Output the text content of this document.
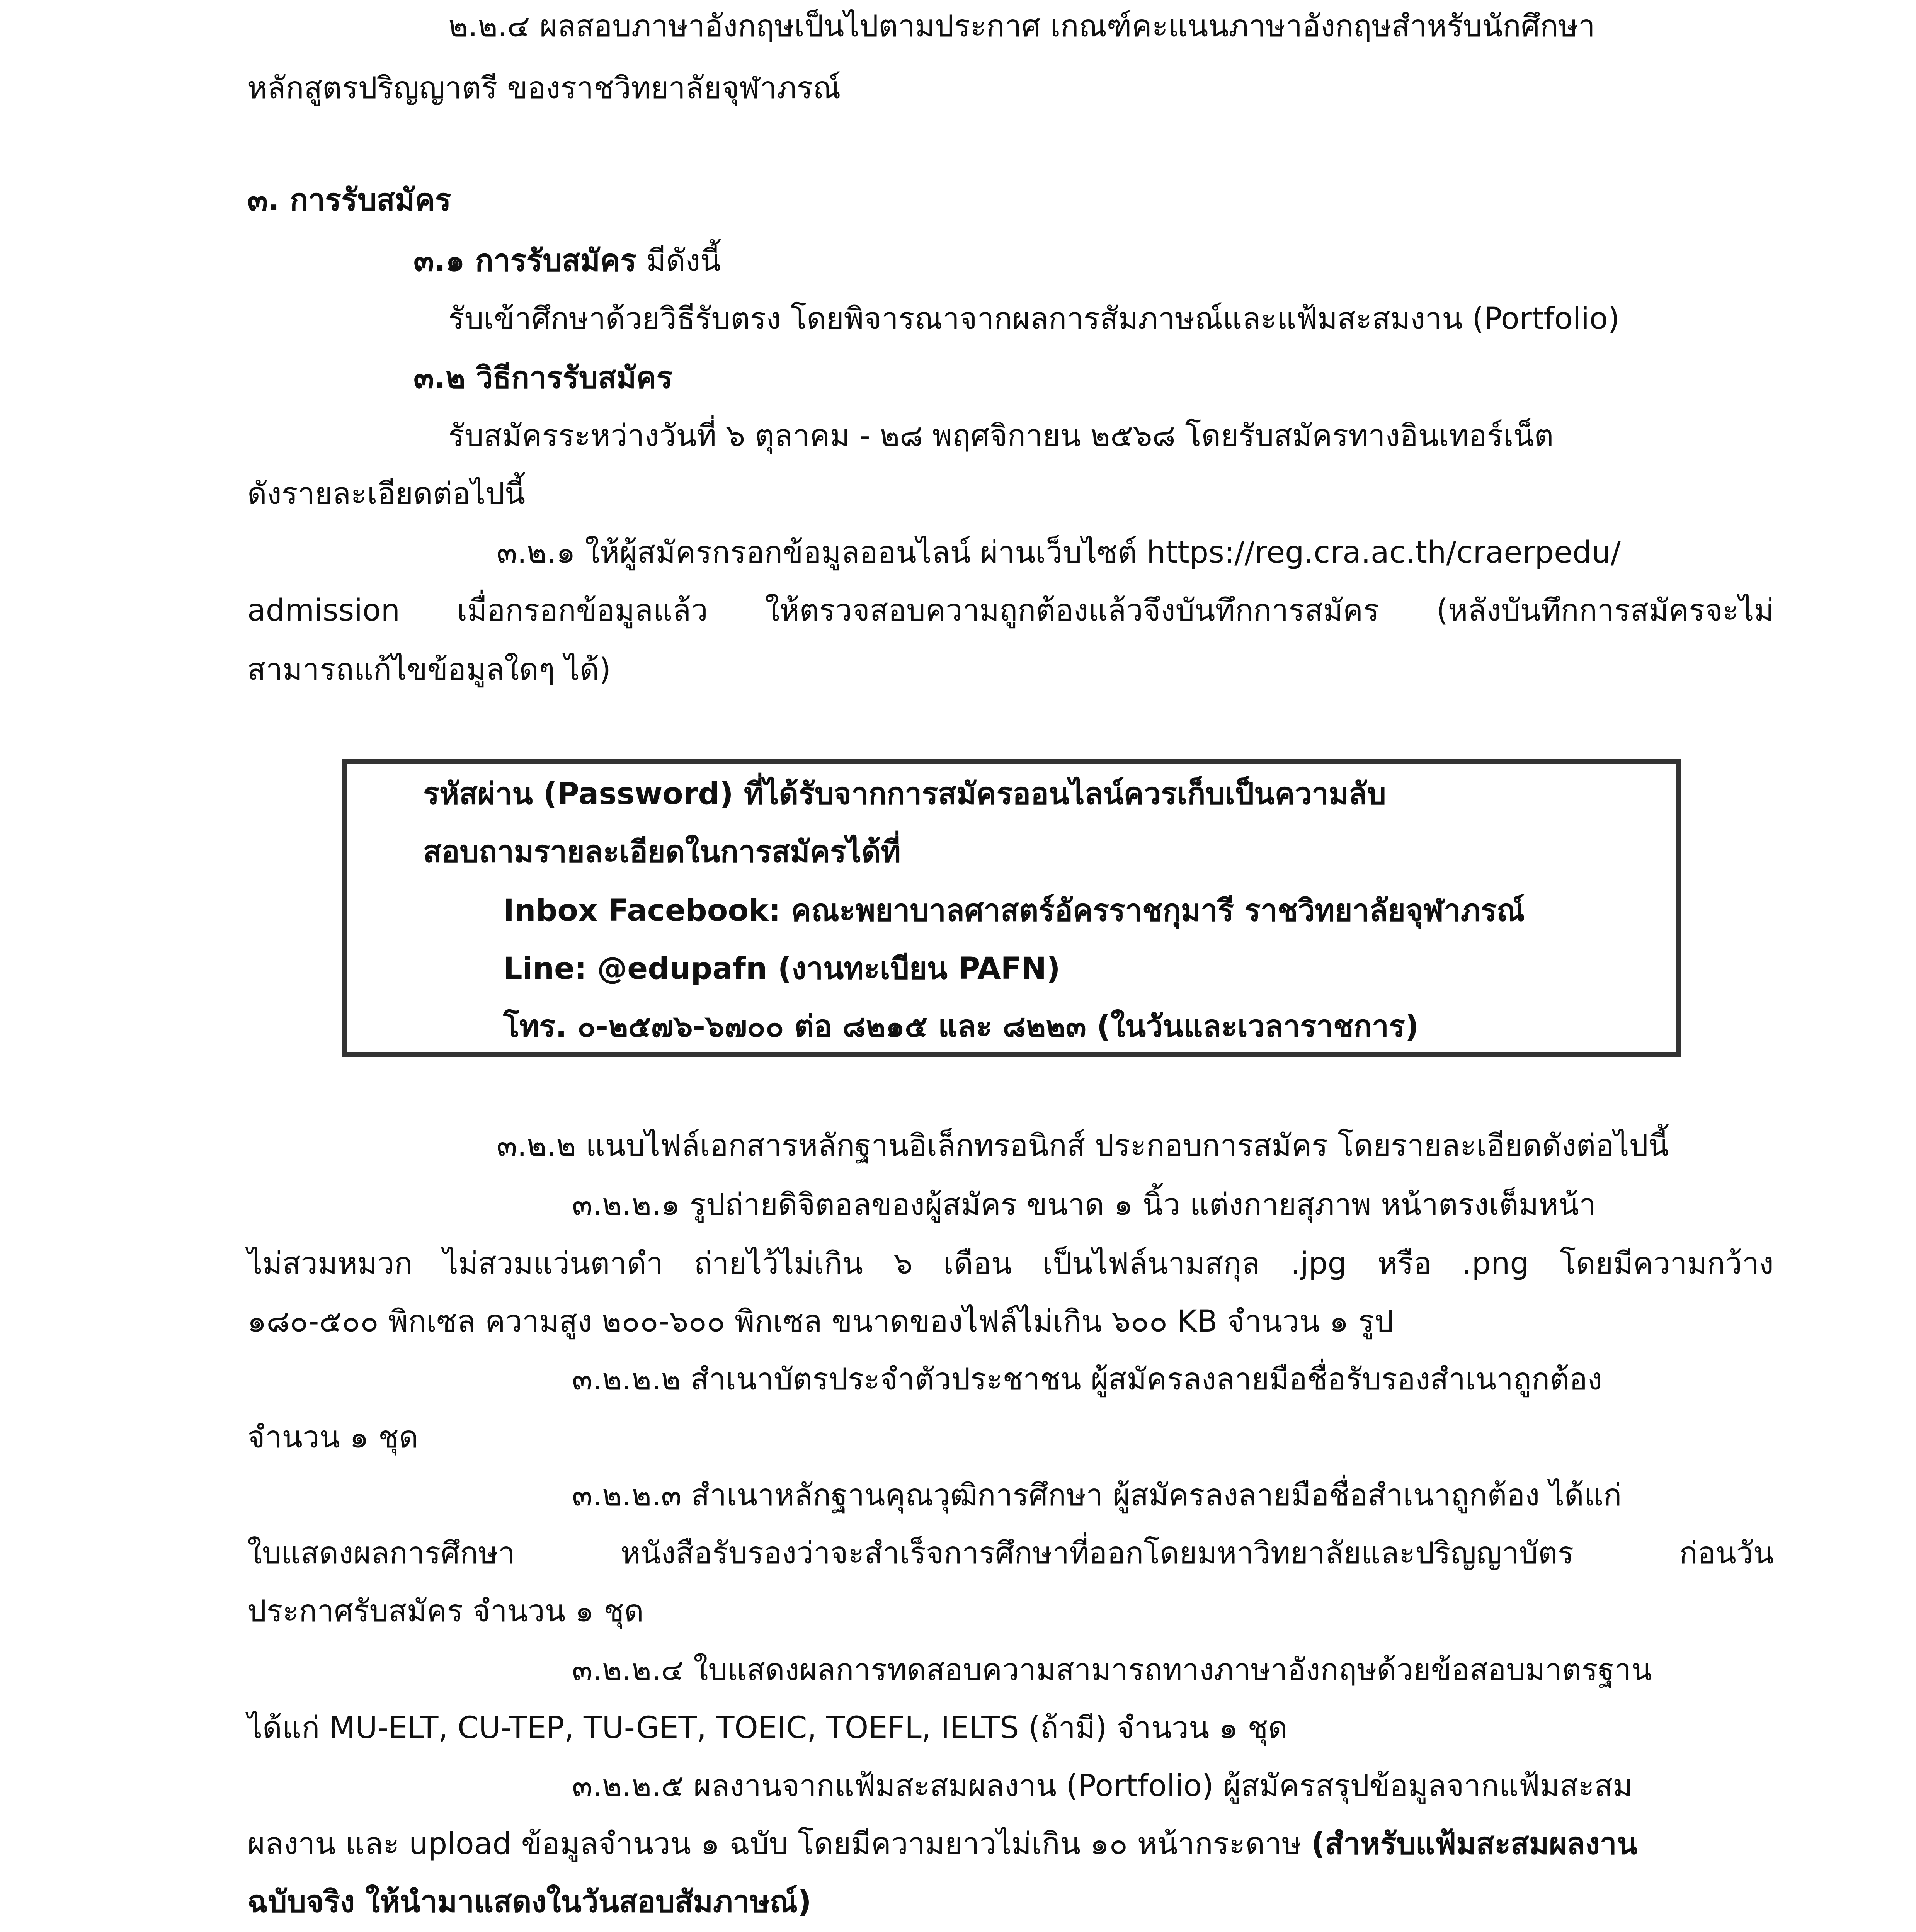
๒.๒.๔ ผลสอบภาษาอังกฤษเป็นไปตามประกาศ เกณฑ์คะแนนภาษาอังกฤษสำหรับนักศึกษา
หลักสูตรปริญญาตรี ของราชวิทยาลัยจุฬาภรณ์
๓. การรับสมัคร
๓.๑ การรับสมัคร มีดังนี้
รับเข้าศึกษาด้วยวิธีรับตรง โดยพิจารณาจากผลการสัมภาษณ์และแฟ้มสะสมงาน (Portfolio)
๓.๒ วิธีการรับสมัคร
รับสมัครระหว่างวันที่ ๖ ตุลาคม - ๒๘ พฤศจิกายน ๒๕๖๘ โดยรับสมัครทางอินเทอร์เน็ต
ดังรายละเอียดต่อไปนี้
๓.๒.๑ ให้ผู้สมัครกรอกข้อมูลออนไลน์ ผ่านเว็บไซต์ https://reg.cra.ac.th/craerpedu/
admission เมื่อกรอกข้อมูลแล้ว ให้ตรวจสอบความถูกต้องแล้วจึงบันทึกการสมัคร (หลังบันทึกการสมัครจะไม่
สามารถแก้ไขข้อมูลใดๆ ได้)
รหัสผ่าน (Password) ที่ได้รับจากการสมัครออนไลน์ควรเก็บเป็นความลับ
สอบถามรายละเอียดในการสมัครได้ที่
Inbox Facebook: คณะพยาบาลศาสตร์อัครราชกุมารี ราชวิทยาลัยจุฬาภรณ์
Line: @edupafn (งานทะเบียน PAFN)
โทร. ๐-๒๕๗๖-๖๗๐๐ ต่อ ๘๒๑๕ และ ๘๒๒๓ (ในวันและเวลาราชการ)
๓.๒.๒ แนบไฟล์เอกสารหลักฐานอิเล็กทรอนิกส์ ประกอบการสมัคร โดยรายละเอียดดังต่อไปนี้
๓.๒.๒.๑ รูปถ่ายดิจิตอลของผู้สมัคร ขนาด ๑ นิ้ว แต่งกายสุภาพ หน้าตรงเต็มหน้า
ไม่สวมหมวก ไม่สวมแว่นตาดำ ถ่ายไว้ไม่เกิน ๖ เดือน เป็นไฟล์นามสกุล .jpg หรือ .png โดยมีความกว้าง
๑๘๐-๕๐๐ พิกเซล ความสูง ๒๐๐-๖๐๐ พิกเซล ขนาดของไฟล์ไม่เกิน ๖๐๐ KB จำนวน ๑ รูป
๓.๒.๒.๒ สำเนาบัตรประจำตัวประชาชน ผู้สมัครลงลายมือชื่อรับรองสำเนาถูกต้อง
จำนวน ๑ ชุด
๓.๒.๒.๓ สำเนาหลักฐานคุณวุฒิการศึกษา ผู้สมัครลงลายมือชื่อสำเนาถูกต้อง ได้แก่
ใบแสดงผลการศึกษา	หนังสือรับรองว่าจะสำเร็จการศึกษาที่ออกโดยมหาวิทยาลัยและปริญญาบัตร	ก่อนวัน
ประกาศรับสมัคร จำนวน ๑ ชุด
๓.๒.๒.๔ ใบแสดงผลการทดสอบความสามารถทางภาษาอังกฤษด้วยข้อสอบมาตรฐาน
ได้แก่ MU-ELT, CU-TEP, TU-GET, TOEIC, TOEFL, IELTS (ถ้ามี) จำนวน ๑ ชุด
๓.๒.๒.๕ ผลงานจากแฟ้มสะสมผลงาน (Portfolio) ผู้สมัครสรุปข้อมูลจากแฟ้มสะสม
ผลงาน และ upload ข้อมูลจำนวน ๑ ฉบับ โดยมีความยาวไม่เกิน ๑๐ หน้ากระดาษ (สำหรับแฟ้มสะสมผลงาน
ฉบับจริง ให้นำมาแสดงในวันสอบสัมภาษณ์)
